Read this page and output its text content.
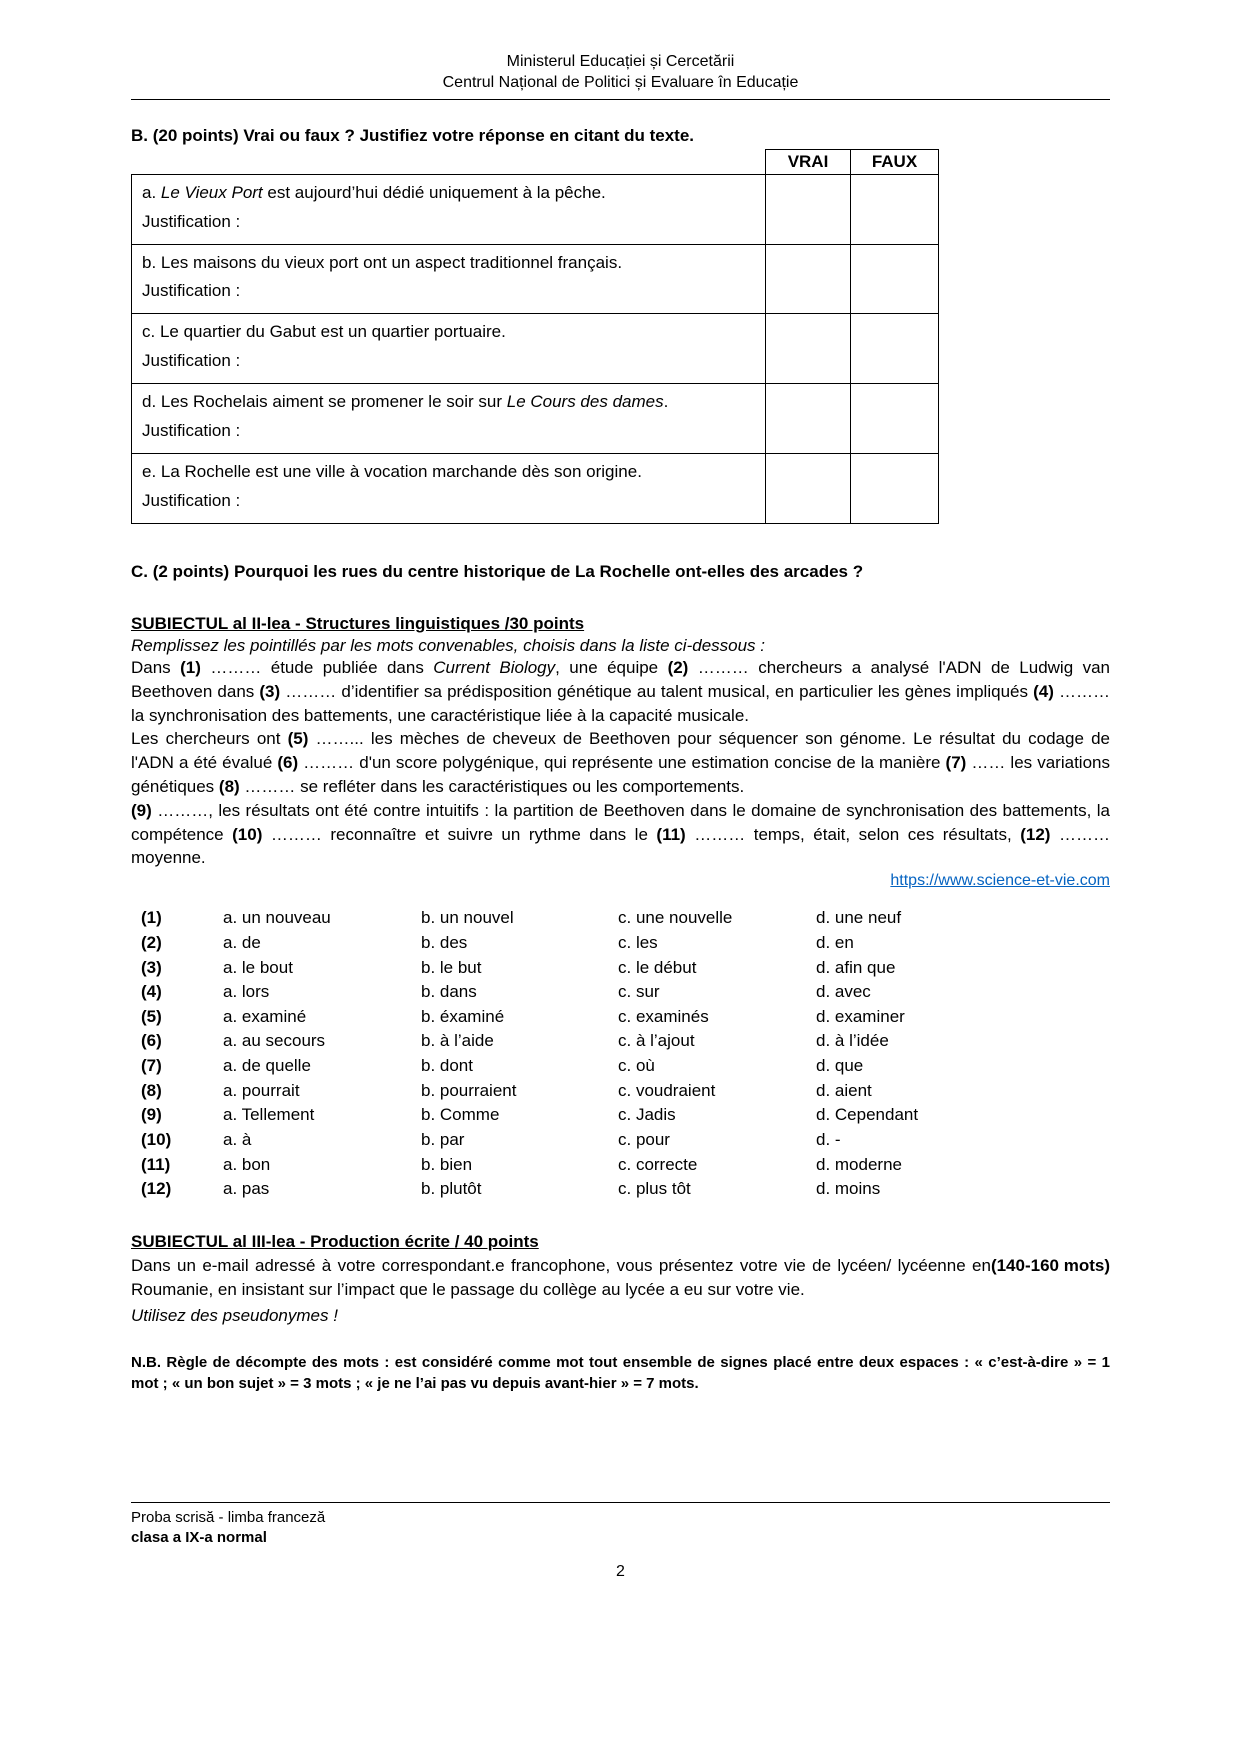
Ministerul Educației și Cercetării
Centrul Național de Politici și Evaluare în Educație

B. (20 points) Vrai ou faux ? Justifiez votre réponse en citant du texte.

	VRAI	FAUX

a. Le Vieux Port est aujourd’hui dédié uniquement à la pêche.
Justification :		

b. Les maisons du vieux port ont un aspect traditionnel français.
Justification :		

c. Le quartier du Gabut est un quartier portuaire.
Justification :		

d. Les Rochelais aiment se promener le soir sur Le Cours des dames.
Justification :		

e. La Rochelle est une ville à vocation marchande dès son origine.
Justification :		

C. (2 points) Pourquoi les rues du centre historique de La Rochelle ont-elles des arcades ?

SUBIECTUL al II-lea - Structures linguistiques /30 points

Remplissez les pointillés par les mots convenables, choisis dans la liste ci-dessous :

Dans (1) ……… étude publiée dans Current Biology, une équipe (2) ……… chercheurs a analysé l'ADN de Ludwig van Beethoven dans (3) ……… d’identifier sa prédisposition génétique au talent musical, en particulier les gènes impliqués (4) ……… la synchronisation des battements, une caractéristique liée à la capacité musicale.

Les chercheurs ont (5) ……... les mèches de cheveux de Beethoven pour séquencer son génome. Le résultat du codage de l'ADN a été évalué (6) ……… d'un score polygénique, qui représente une estimation concise de la manière (7) …… les variations génétiques (8) ……… se refléter dans les caractéristiques ou les comportements.

(9) ………, les résultats ont été contre intuitifs : la partition de Beethoven dans le domaine de synchronisation des battements, la compétence (10) ……… reconnaître et suivre un rythme dans le (11) ……… temps, était, selon ces résultats, (12) ……… moyenne.

https://www.science-et-vie.com

(1)	a. un nouveau	b. un nouvel	c. une nouvelle	d. une neuf
(2)	a. de	b. des	c. les	d. en
(3)	a. le bout	b. le but	c. le début	d. afin que
(4)	a. lors	b. dans	c. sur	d. avec
(5)	a. examiné	b. éxaminé	c. examinés	d. examiner
(6)	a. au secours	b. à l’aide	c. à l’ajout	d. à l’idée
(7)	a. de quelle	b. dont	c. où	d. que
(8)	a. pourrait	b. pourraient	c. voudraient	d. aient
(9)	a. Tellement	b. Comme	c. Jadis	d. Cependant
(10)	a. à	b. par	c. pour	d. -
(11)	a. bon	b. bien	c. correcte	d. moderne
(12)	a. pas	b. plutôt	c. plus tôt	d. moins

SUBIECTUL al III-lea - Production écrite / 40 points

(140-160 mots)
Dans un e-mail adressé à votre correspondant.e francophone, vous présentez votre vie de lycéen/ lycéenne en Roumanie, en insistant sur l’impact que le passage du collège au lycée a eu sur votre vie.

Utilisez des pseudonymes !

N.B. Règle de décompte des mots : est considéré comme mot tout ensemble de signes placé entre deux espaces : « c’est-à-dire » = 1 mot ; « un bon sujet » = 3 mots ; « je ne l’ai pas vu depuis avant-hier » = 7 mots.

Proba scrisă - limba franceză
clasa a IX-a normal
2
